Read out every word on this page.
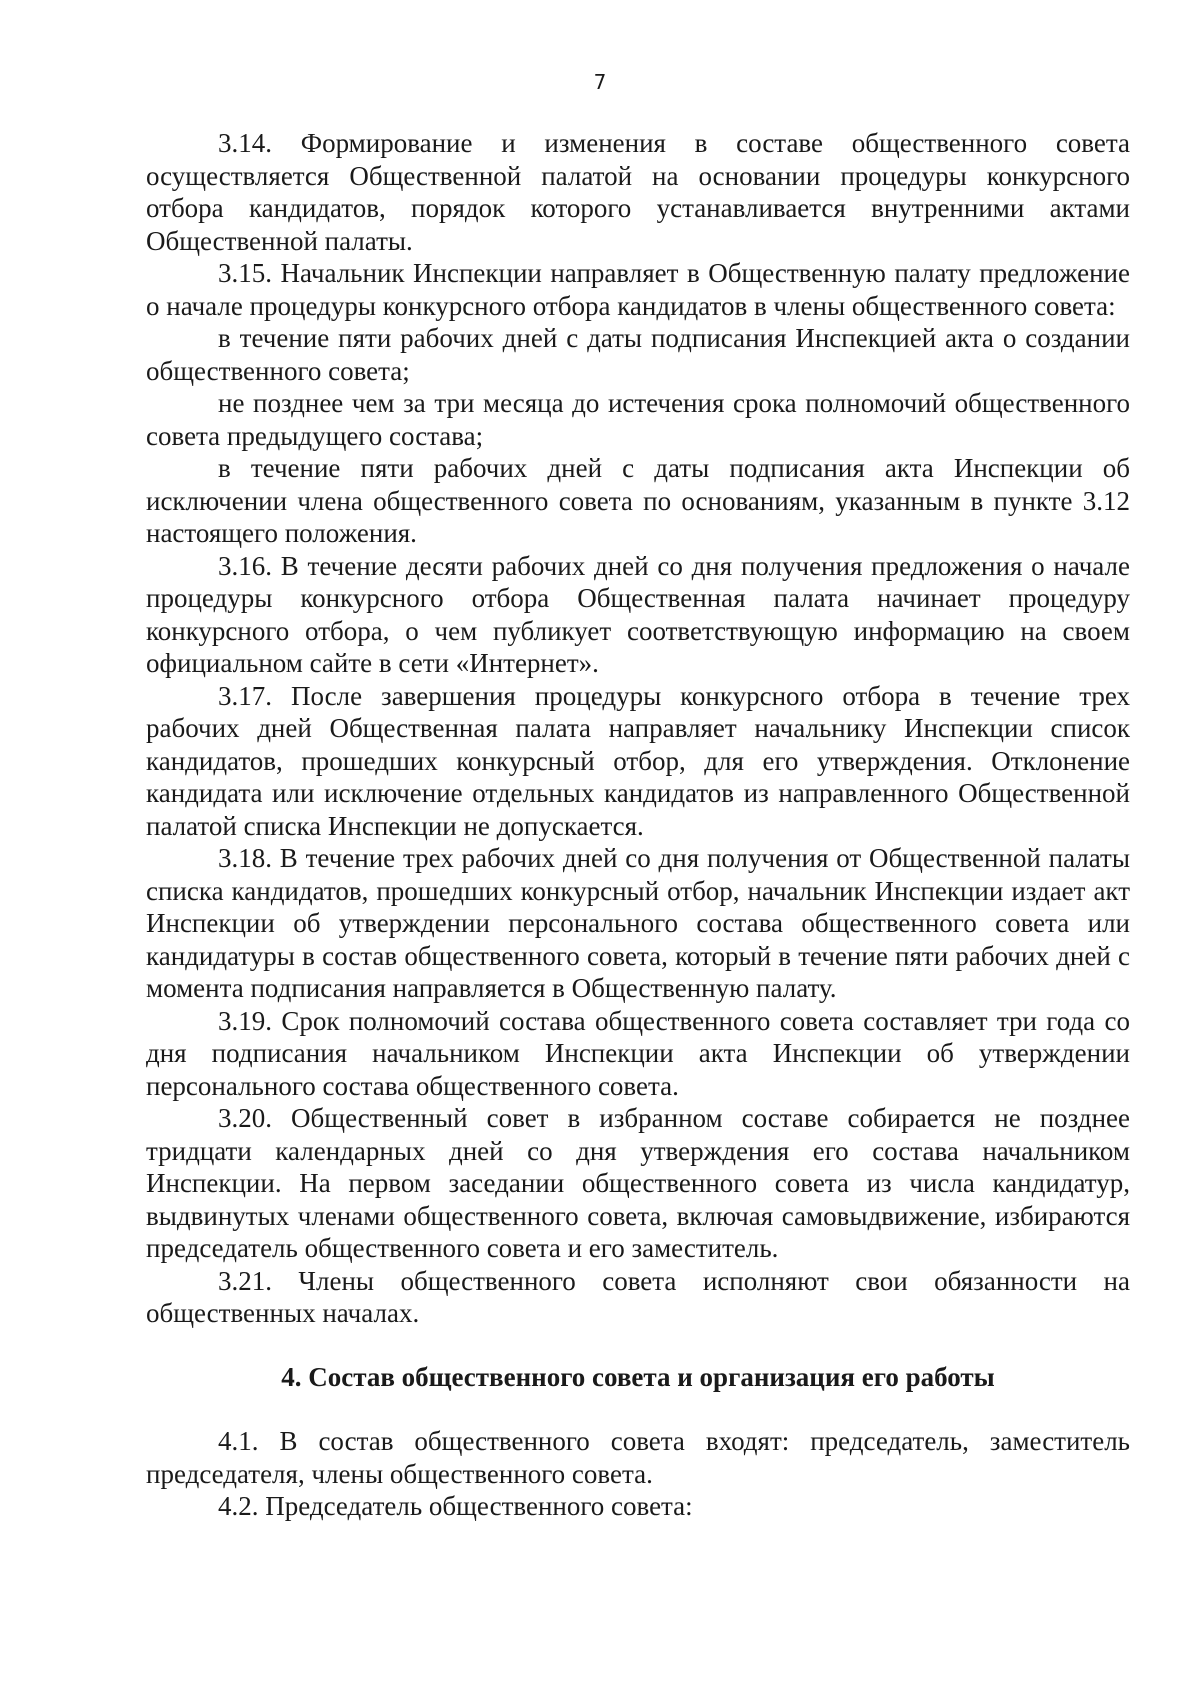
7

3.14. Формирование и изменения в составе общественного совета осуществляется Общественной палатой на основании процедуры конкурсного отбора кандидатов, порядок которого устанавливается внутренними актами Общественной палаты.

3.15. Начальник Инспекции направляет в Общественную палату предложение о начале процедуры конкурсного отбора кандидатов в члены общественного совета:

в течение пяти рабочих дней с даты подписания Инспекцией акта о создании общественного совета;

не позднее чем за три месяца до истечения срока полномочий общественного совета предыдущего состава;

в течение пяти рабочих дней с даты подписания акта Инспекции об исключении члена общественного совета по основаниям, указанным в пункте 3.12 настоящего положения.

3.16. В течение десяти рабочих дней со дня получения предложения о начале процедуры конкурсного отбора Общественная палата начинает процедуру конкурсного отбора, о чем публикует соответствующую информацию на своем официальном сайте в сети «Интернет».

3.17. После завершения процедуры конкурсного отбора в течение трех рабочих дней Общественная палата направляет начальнику Инспекции список кандидатов, прошедших конкурсный отбор, для его утверждения. Отклонение кандидата или исключение отдельных кандидатов из направленного Общественной палатой списка Инспекции не допускается.

3.18. В течение трех рабочих дней со дня получения от Общественной палаты списка кандидатов, прошедших конкурсный отбор, начальник Инспекции издает акт Инспекции об утверждении персонального состава общественного совета или кандидатуры в состав общественного совета, который в течение пяти рабочих дней с момента подписания направляется в Общественную палату.

3.19. Срок полномочий состава общественного совета составляет три года со дня подписания начальником Инспекции акта Инспекции об утверждении персонального состава общественного совета.

3.20. Общественный совет в избранном составе собирается не позднее тридцати календарных дней со дня утверждения его состава начальником Инспекции. На первом заседании общественного совета из числа кандидатур, выдвинутых членами общественного совета, включая самовыдвижение, избираются председатель общественного совета и его заместитель.

3.21. Члены общественного совета исполняют свои обязанности на общественных началах.

4. Состав общественного совета и организация его работы

4.1. В состав общественного совета входят: председатель, заместитель председателя, члены общественного совета.

4.2. Председатель общественного совета:
